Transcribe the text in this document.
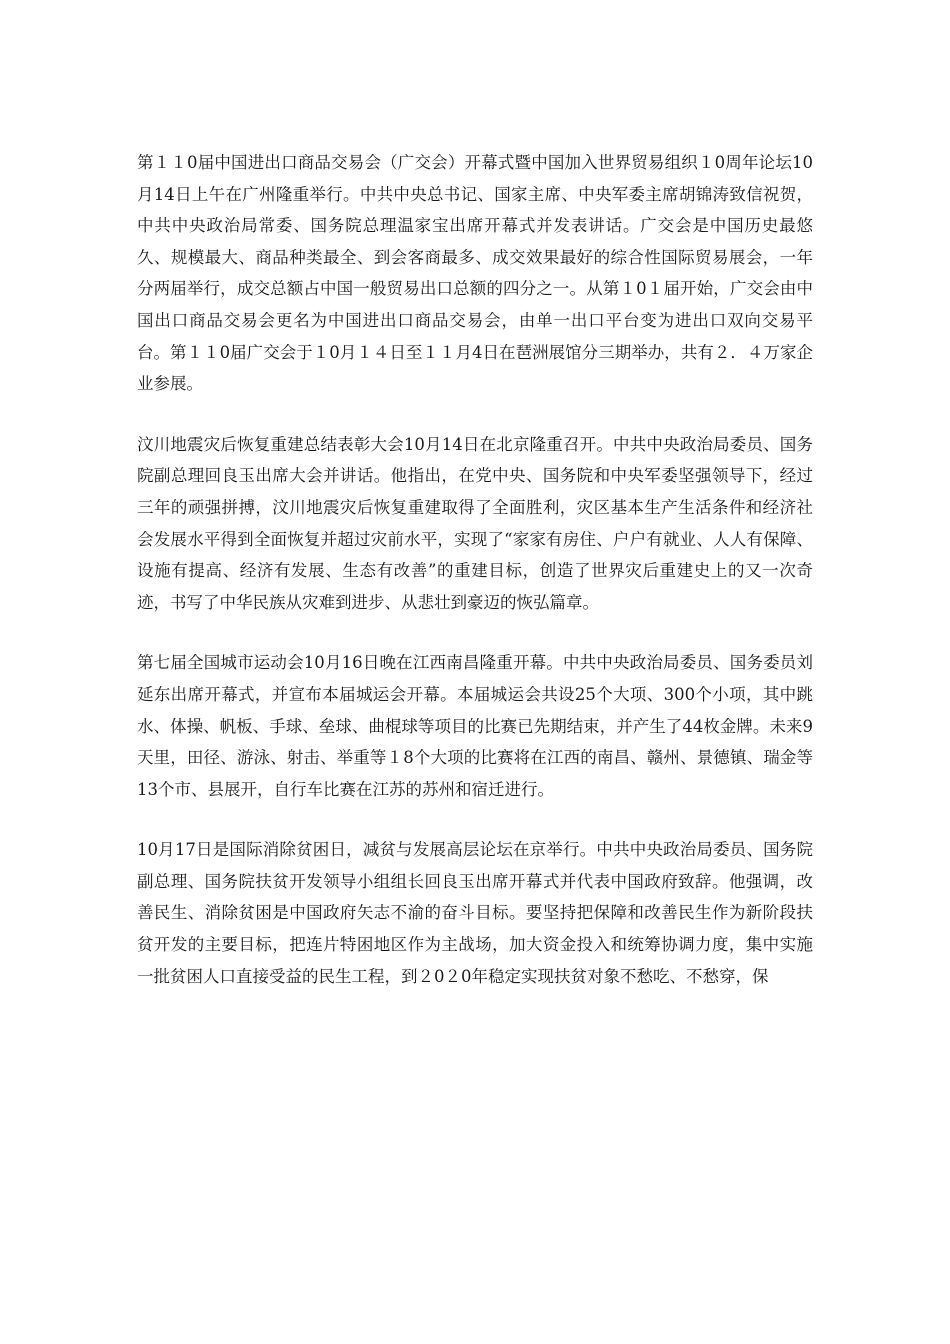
第１１0届中国进出口商品交易会（广交会）开幕式暨中国加入世界贸易组织１0周年论坛10月14日上午在广州隆重举行。中共中央总书记、国家主席、中央军委主席胡锦涛致信祝贺，中共中央政治局常委、国务院总理温家宝出席开幕式并发表讲话。广交会是中国历史最悠久、规模最大、商品种类最全、到会客商最多、成交效果最好的综合性国际贸易展会，一年分两届举行，成交总额占中国一般贸易出口总额的四分之一。从第１0１届开始，广交会由中国出口商品交易会更名为中国进出口商品交易会，由单一出口平台变为进出口双向交易平台。第１１0届广交会于１0月１４日至１１月4日在琶洲展馆分三期举办，共有２．４万家企业参展。

汶川地震灾后恢复重建总结表彰大会10月14日在北京隆重召开。中共中央政治局委员、国务院副总理回良玉出席大会并讲话。他指出，在党中央、国务院和中央军委坚强领导下，经过三年的顽强拼搏，汶川地震灾后恢复重建取得了全面胜利，灾区基本生产生活条件和经济社会发展水平得到全面恢复并超过灾前水平，实现了“家家有房住、户户有就业、人人有保障、设施有提高、经济有发展、生态有改善”的重建目标，创造了世界灾后重建史上的又一次奇迹，书写了中华民族从灾难到进步、从悲壮到豪迈的恢弘篇章。

第七届全国城市运动会10月16日晚在江西南昌隆重开幕。中共中央政治局委员、国务委员刘延东出席开幕式，并宣布本届城运会开幕。本届城运会共设25个大项、300个小项，其中跳水、体操、帆板、手球、垒球、曲棍球等项目的比赛已先期结束，并产生了44枚金牌。未来9天里，田径、游泳、射击、举重等１8个大项的比赛将在江西的南昌、赣州、景德镇、瑞金等13个市、县展开，自行车比赛在江苏的苏州和宿迁进行。

10月17日是国际消除贫困日，减贫与发展高层论坛在京举行。中共中央政治局委员、国务院副总理、国务院扶贫开发领导小组组长回良玉出席开幕式并代表中国政府致辞。他强调，改善民生、消除贫困是中国政府矢志不渝的奋斗目标。要坚持把保障和改善民生作为新阶段扶贫开发的主要目标，把连片特困地区作为主战场，加大资金投入和统筹协调力度，集中实施一批贫困人口直接受益的民生工程，到２0２0年稳定实现扶贫对象不愁吃、不愁穿，保
